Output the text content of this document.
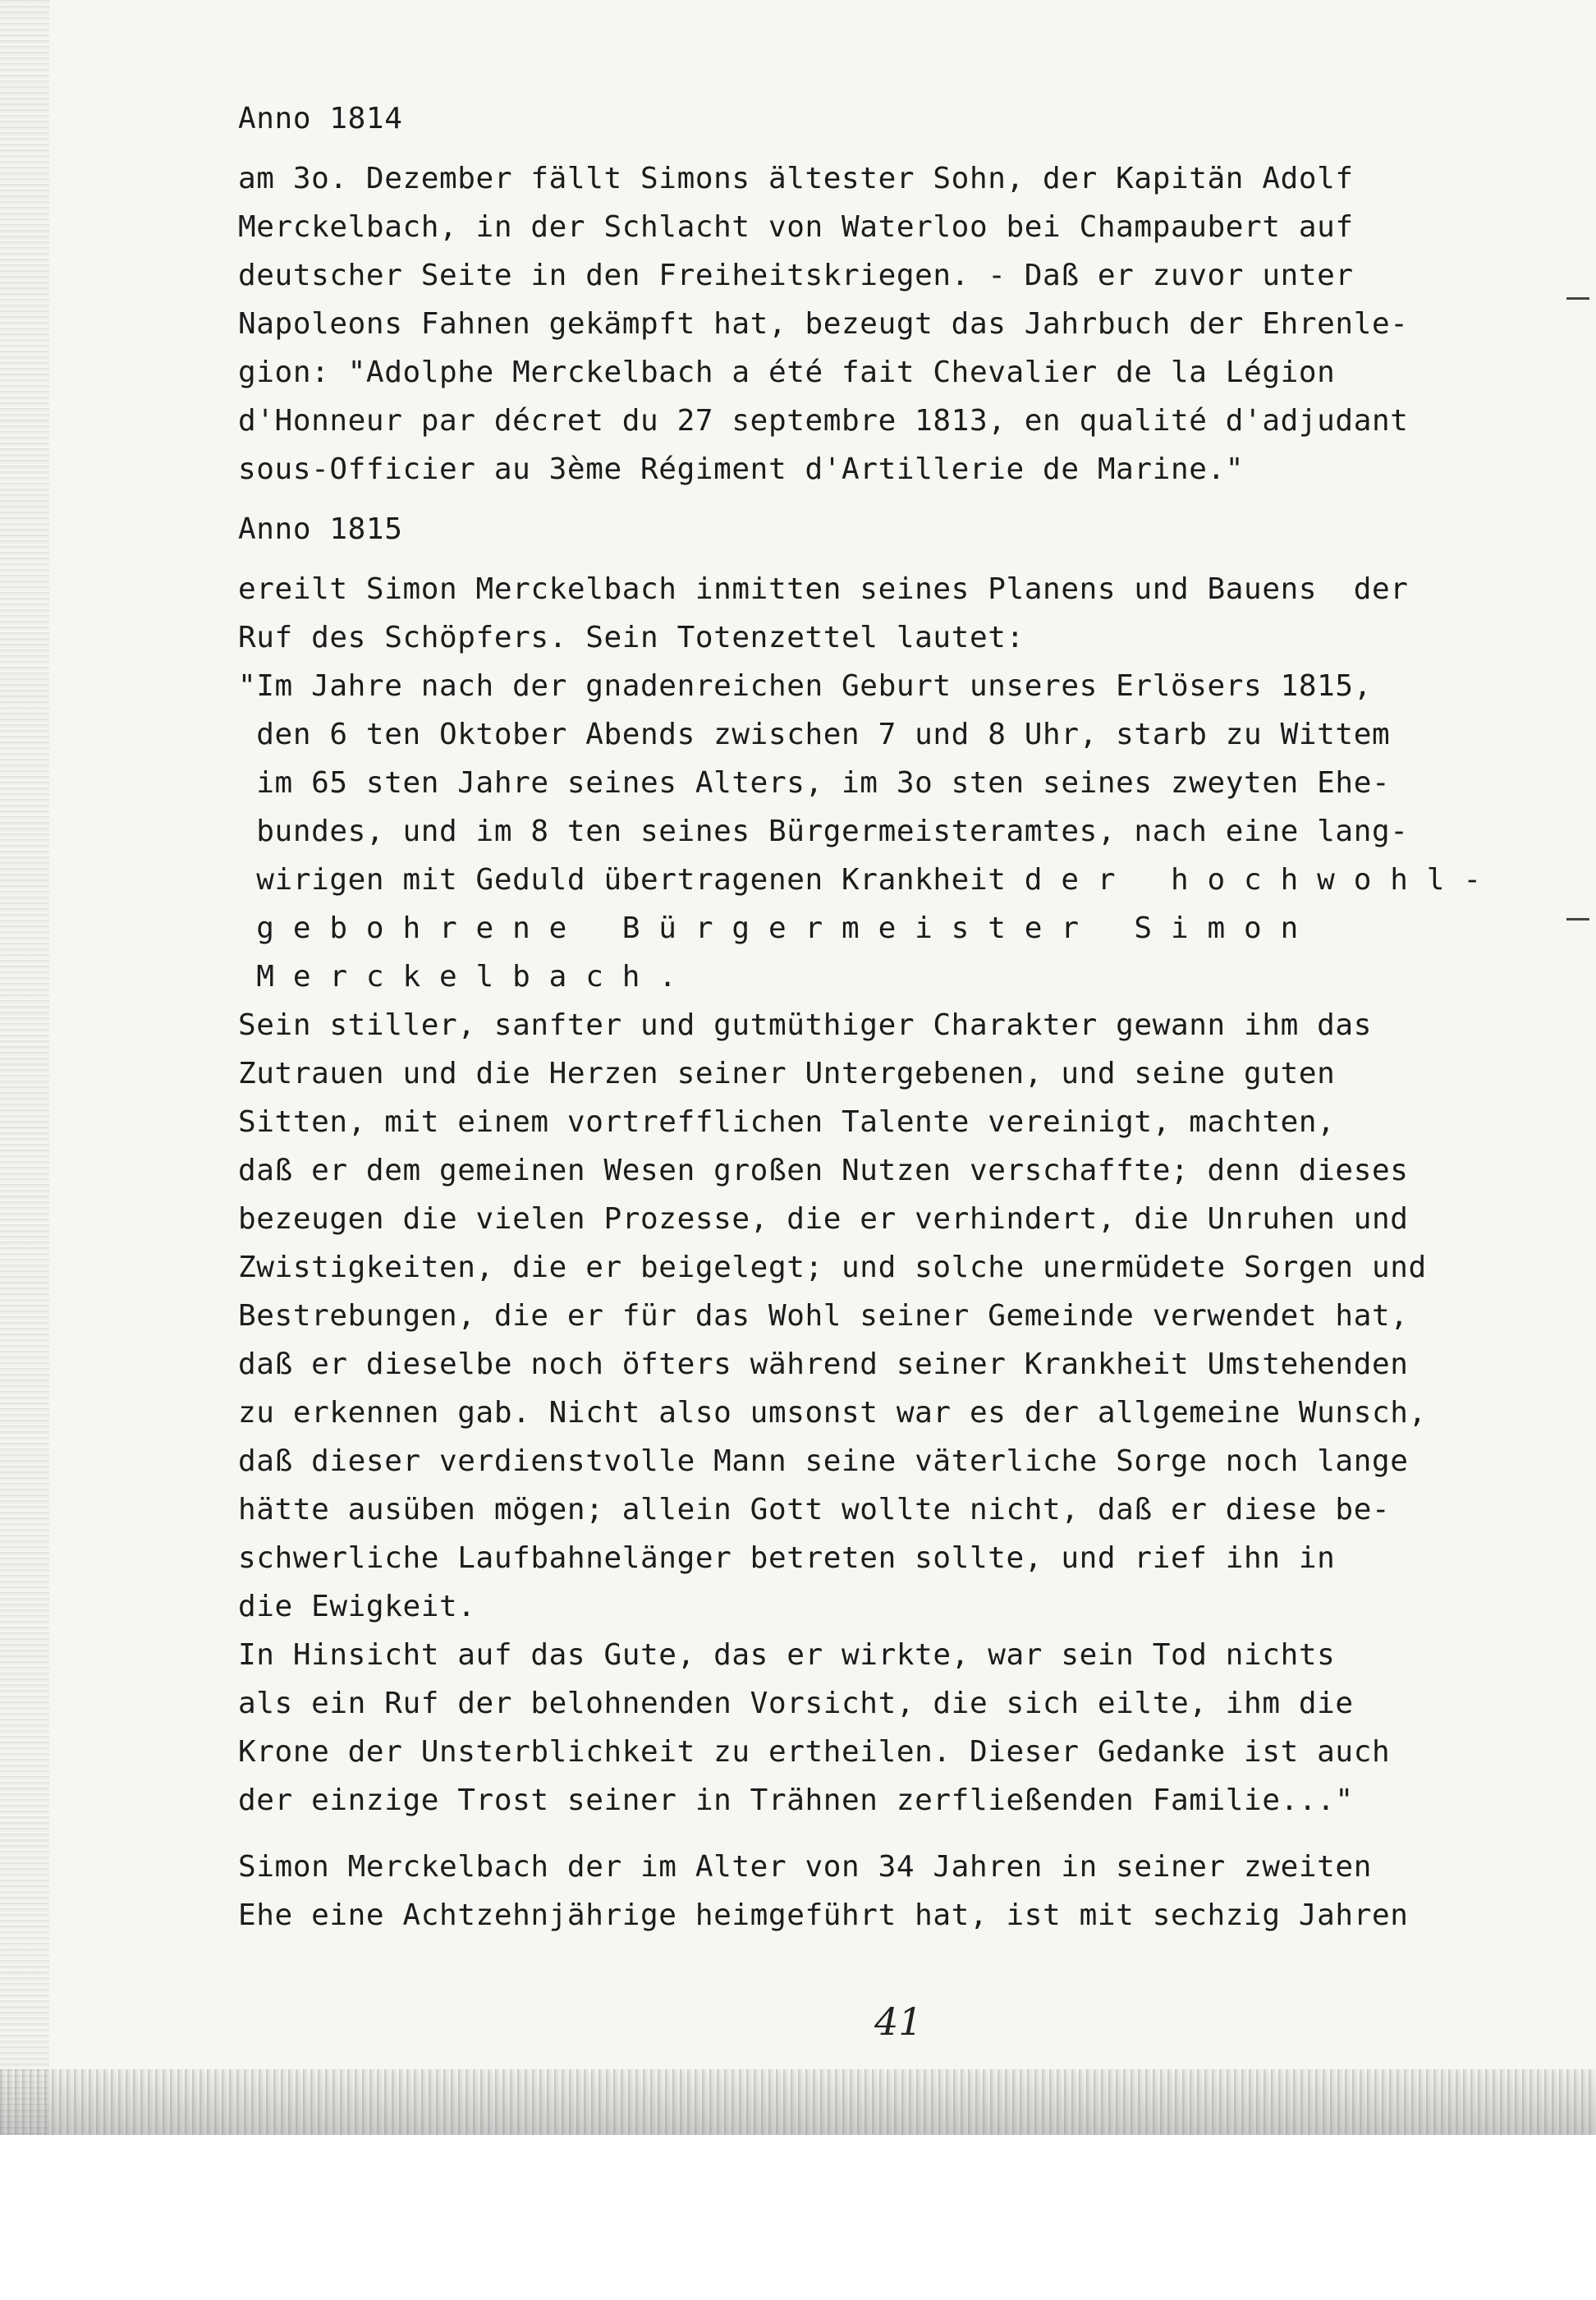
Anno 1814
am 3o. Dezember fällt Simons ältester Sohn, der Kapitän Adolf
Merckelbach, in der Schlacht von Waterloo bei Champaubert auf
deutscher Seite in den Freiheitskriegen. - Daß er zuvor unter
Napoleons Fahnen gekämpft hat, bezeugt das Jahrbuch der Ehrenle-
gion: "Adolphe Merckelbach a été fait Chevalier de la Légion
d'Honneur par décret du 27 septembre 1813, en qualité d'adjudant
sous-Officier au 3ème Régiment d'Artillerie de Marine."
Anno 1815
ereilt Simon Merckelbach inmitten seines Planens und Bauens  der
Ruf des Schöpfers. Sein Totenzettel lautet:
"Im Jahre nach der gnadenreichen Geburt unseres Erlösers 1815,
den 6 ten Oktober Abends zwischen 7 und 8 Uhr, starb zu Wittem
im 65 sten Jahre seines Alters, im 3o sten seines zweyten Ehe-
bundes, und im 8 ten seines Bürgermeisteramtes, nach eine lang-
wirigen mit Geduld übertragenen Krankheit d e r   h o c h w o h l -
g e b o h r e n e   B ü r g e r m e i s t e r   S i m o n
M e r c k e l b a c h .
Sein stiller, sanfter und gutmüthiger Charakter gewann ihm das
Zutrauen und die Herzen seiner Untergebenen, und seine guten
Sitten, mit einem vortrefflichen Talente vereinigt, machten,
daß er dem gemeinen Wesen großen Nutzen verschaffte; denn dieses
bezeugen die vielen Prozesse, die er verhindert, die Unruhen und
Zwistigkeiten, die er beigelegt; und solche unermüdete Sorgen und
Bestrebungen, die er für das Wohl seiner Gemeinde verwendet hat,
daß er dieselbe noch öfters während seiner Krankheit Umstehenden
zu erkennen gab. Nicht also umsonst war es der allgemeine Wunsch,
daß dieser verdienstvolle Mann seine väterliche Sorge noch lange
hätte ausüben mögen; allein Gott wollte nicht, daß er diese be-
schwerliche Laufbahnelänger betreten sollte, und rief ihn in
die Ewigkeit.
In Hinsicht auf das Gute, das er wirkte, war sein Tod nichts
als ein Ruf der belohnenden Vorsicht, die sich eilte, ihm die
Krone der Unsterblichkeit zu ertheilen. Dieser Gedanke ist auch
der einzige Trost seiner in Trähnen zerfließenden Familie..."
Simon Merckelbach der im Alter von 34 Jahren in seiner zweiten
Ehe eine Achtzehnjährige heimgeführt hat, ist mit sechzig Jahren
41
